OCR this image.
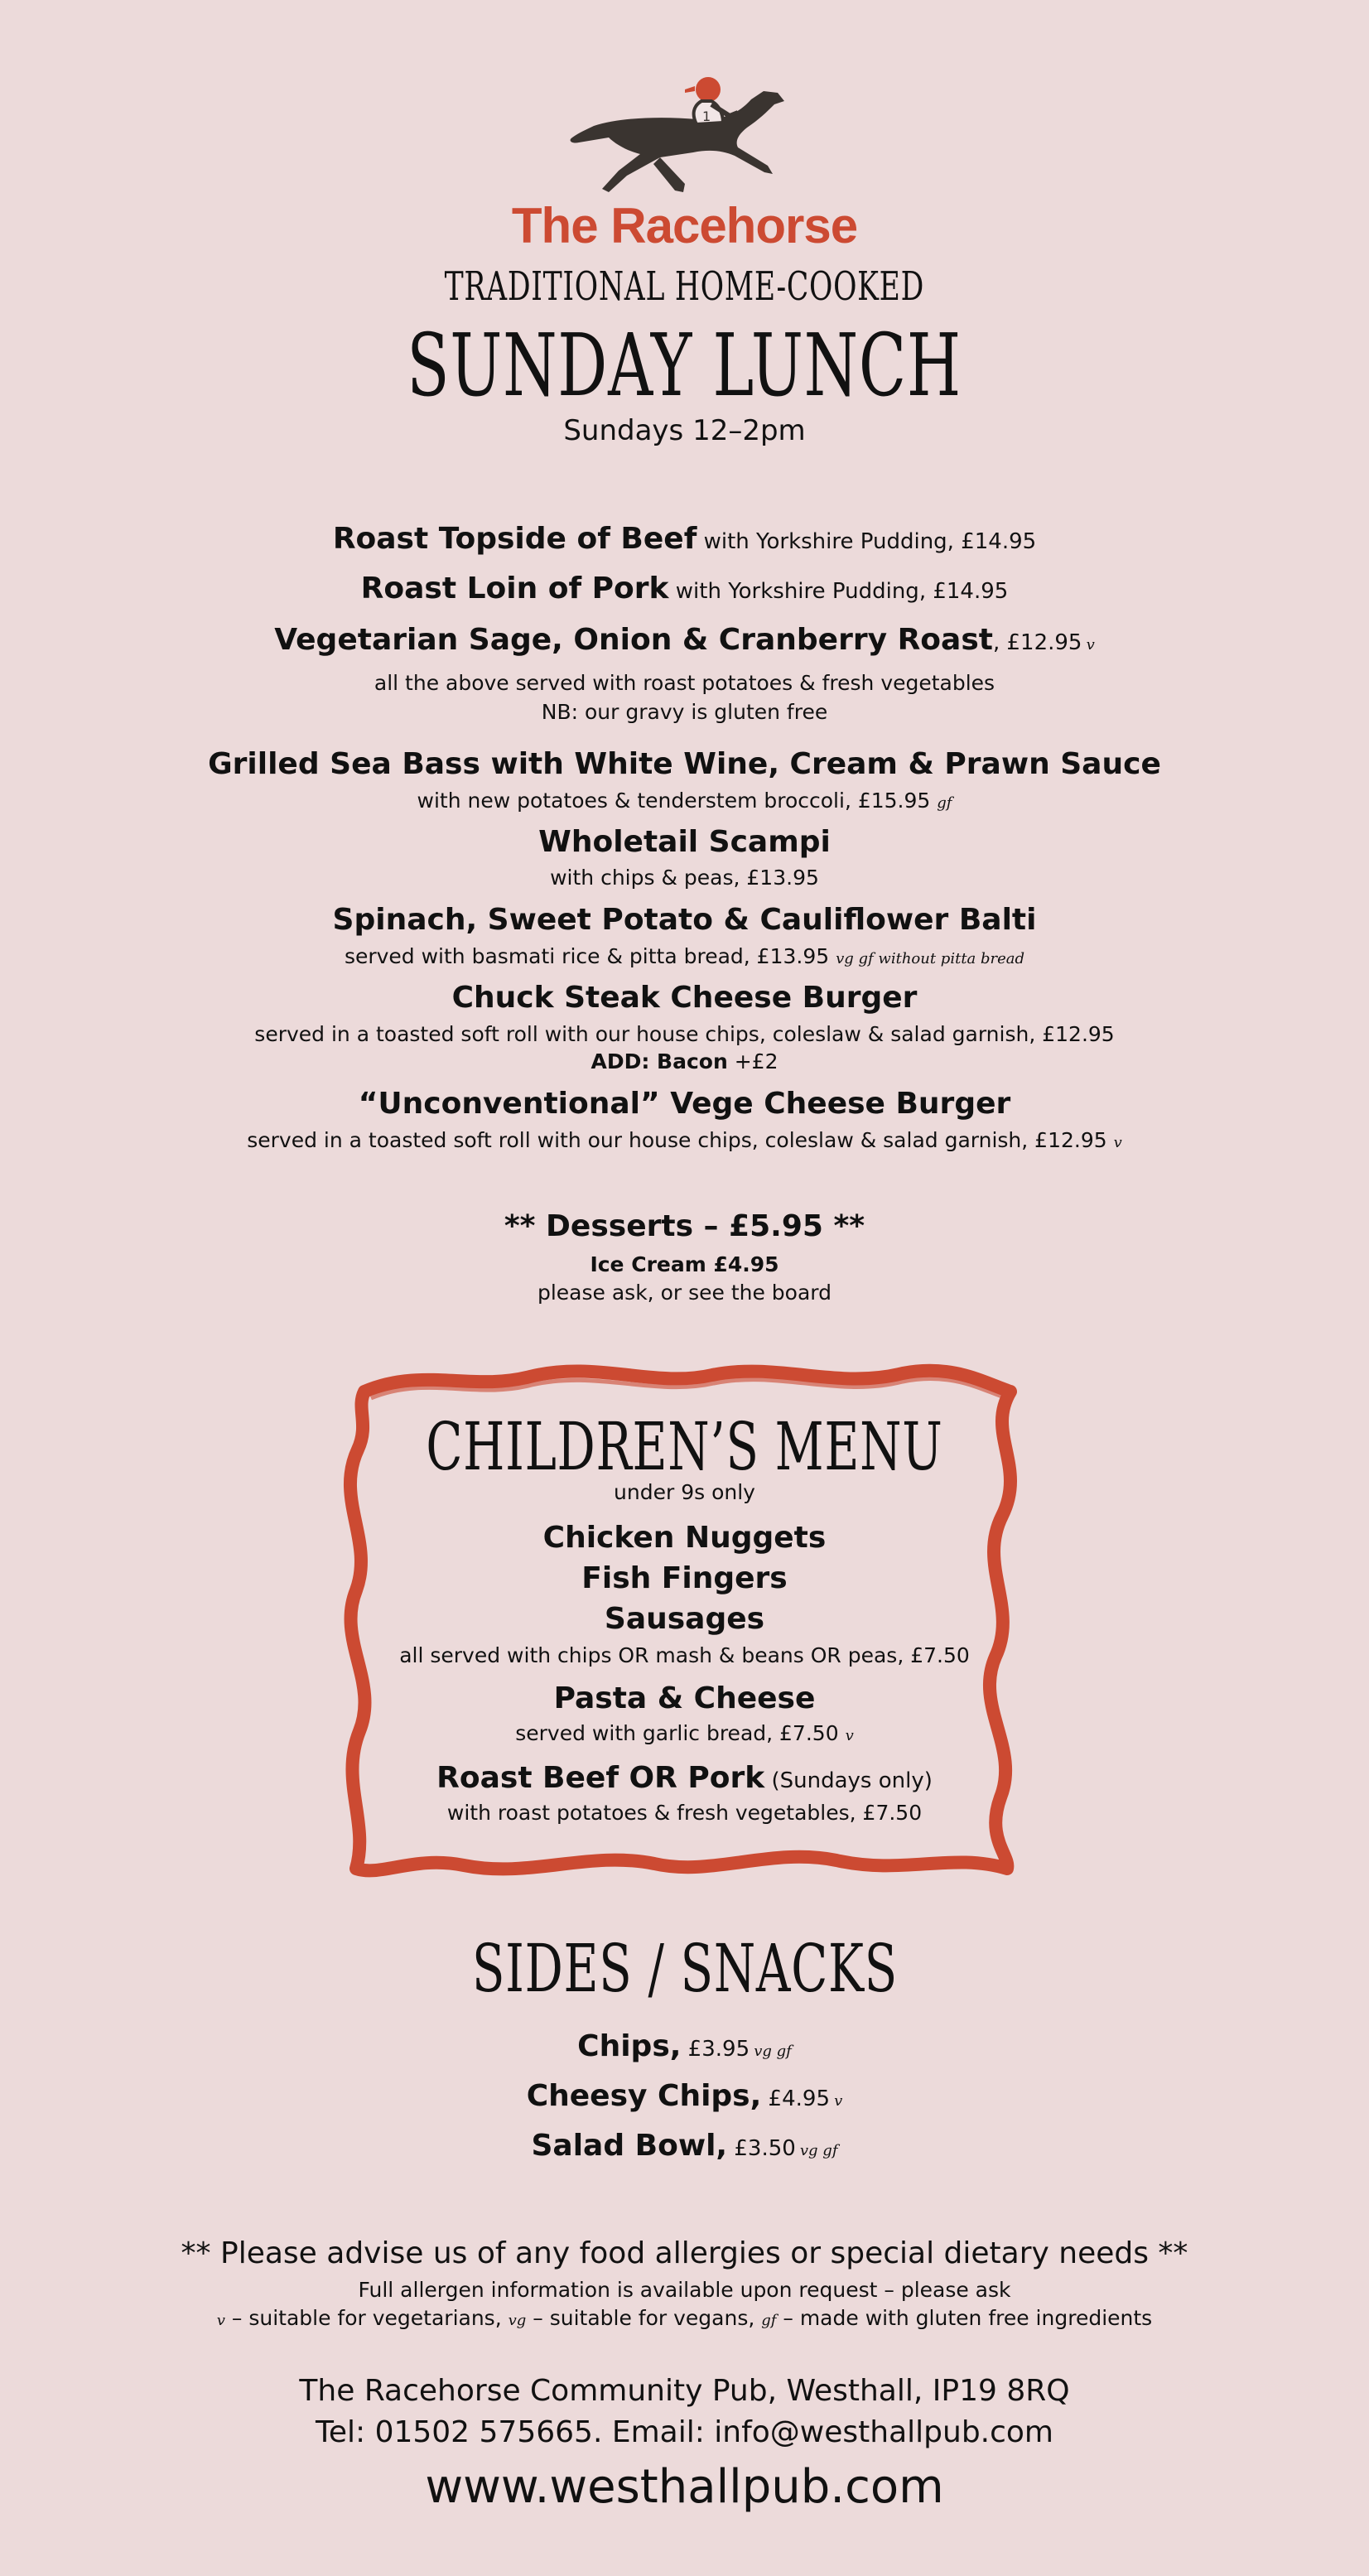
1
The Racehorse
TRADITIONAL HOME-COOKED
SUNDAY LUNCH
Sundays 12–2pm
Roast Topside of Beef with Yorkshire Pudding, £14.95
Roast Loin of Pork with Yorkshire Pudding, £14.95
Vegetarian Sage, Onion & Cranberry Roast, £12.95 v
all the above served with roast potatoes & fresh vegetables
NB: our gravy is gluten free
Grilled Sea Bass with White Wine, Cream & Prawn Sauce
with new potatoes & tenderstem broccoli, £15.95 gf
Wholetail Scampi
with chips & peas, £13.95
Spinach, Sweet Potato & Cauliflower Balti
served with basmati rice & pitta bread, £13.95 vg gf without pitta bread
Chuck Steak Cheese Burger
served in a toasted soft roll with our house chips, coleslaw & salad garnish, £12.95
ADD: Bacon +£2
“Unconventional” Vege Cheese Burger
served in a toasted soft roll with our house chips, coleslaw & salad garnish, £12.95 v
** Desserts – £5.95 **
Ice Cream £4.95
please ask, or see the board
CHILDREN’S MENU
under 9s only
Chicken Nuggets
Fish Fingers
Sausages
all served with chips OR mash & beans OR peas, £7.50
Pasta & Cheese
served with garlic bread, £7.50 v
Roast Beef OR Pork (Sundays only)
with roast potatoes & fresh vegetables, £7.50
SIDES / SNACKS
Chips, £3.95 vg gf
Cheesy Chips, £4.95 v
Salad Bowl, £3.50 vg gf
** Please advise us of any food allergies or special dietary needs **
Full allergen information is available upon request – please ask
v – suitable for vegetarians, vg – suitable for vegans, gf – made with gluten free ingredients
The Racehorse Community Pub, Westhall, IP19 8RQ
Tel: 01502 575665. Email: info@westhallpub.com
www.westhallpub.com
